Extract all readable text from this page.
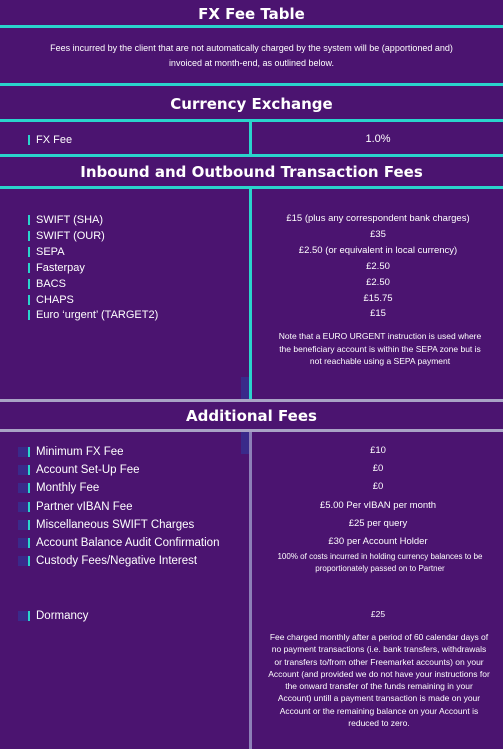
FX Fee Table
Fees incurred by the client that are not automatically charged by the system will be (apportioned and) invoiced at month-end, as outlined below.
Currency Exchange
FX Fee	1.0%
Inbound and Outbound Transaction Fees
SWIFT (SHA)	£15 (plus any correspondent bank charges)
SWIFT (OUR)	£35
SEPA	£2.50 (or equivalent in local currency)
Fasterpay	£2.50
BACS	£2.50
CHAPS	£15.75
Euro ‘urgent’ (TARGET2)	£15
Note that a EURO URGENT instruction is used where the beneficiary account is within the SEPA zone but is not reachable using a SEPA payment
Additional Fees
Minimum FX Fee	£10
Account Set-Up Fee	£0
Monthly Fee	£0
Partner vIBAN Fee	£5.00 Per vIBAN per month
Miscellaneous SWIFT Charges	£25 per query
Account Balance Audit Confirmation	£30 per Account Holder
Custody Fees/Negative Interest	100% of costs incurred in holding currency balances to be proportionately passed on to Partner
Dormancy	£25
Fee charged monthly after a period of 60 calendar days of no payment transactions (i.e. bank transfers, withdrawals or transfers to/from other Freemarket accounts) on your Account (and provided we do not have your instructions for the onward transfer of the funds remaining in your Account) untill a payment transaction is made on your Account or the remaining balance on your Account is reduced to zero.
